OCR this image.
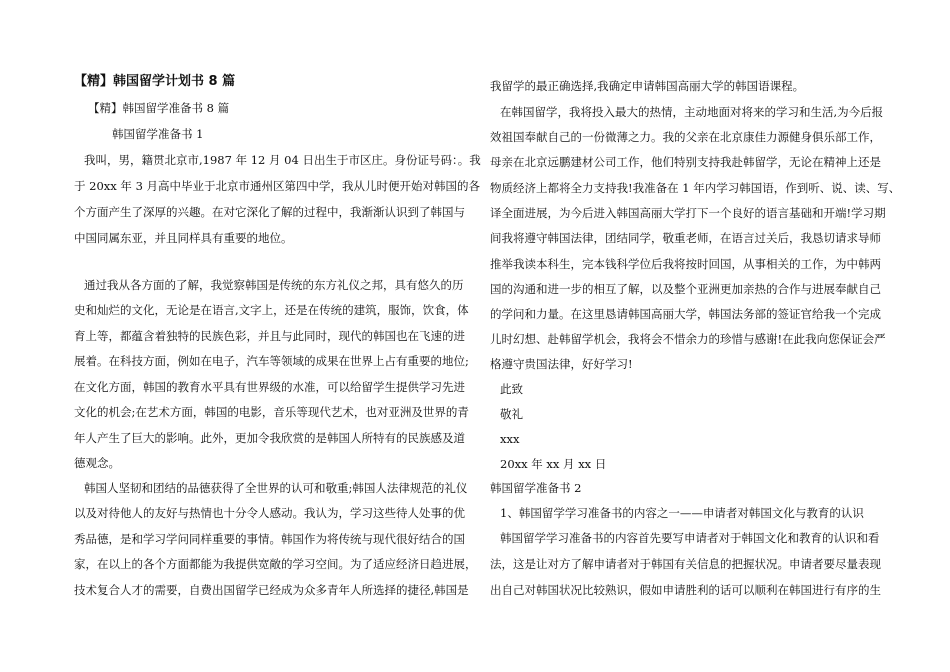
【精】韩国留学计划书 8 篇
【精】韩国留学准备书 8 篇
韩国留学准备书 1
我叫，男，籍贯北京市,1987 年 12 月 04 日出生于市区庄。身份证号码：。我
于 20xx 年 3 月高中毕业于北京市通州区第四中学，我从儿时便开始对韩国的各
个方面产生了深厚的兴趣。在对它深化了解的过程中，我渐渐认识到了韩国与
中国同属东亚，并且同样具有重要的地位。
通过我从各方面的了解，我觉察韩国是传统的东方礼仪之邦，具有悠久的历
史和灿烂的文化，无论是在语言,文字上，还是在传统的建筑，服饰，饮食，体
育上等，都蕴含着独特的民族色彩，并且与此同时，现代的韩国也在飞速的进
展着。在科技方面，例如在电子，汽车等领域的成果在世界上占有重要的地位;
在文化方面，韩国的教育水平具有世界级的水准，可以给留学生提供学习先进
文化的机会;在艺术方面，韩国的电影，音乐等现代艺术，也对亚洲及世界的青
年人产生了巨大的影响。此外，更加令我欣赏的是韩国人所特有的民族感及道
德观念。
韩国人坚韧和团结的品德获得了全世界的认可和敬重;韩国人法律规范的礼仪
以及对待他人的友好与热情也十分令人感动。我认为，学习这些待人处事的优
秀品德，是和学习学问同样重要的事情。韩国作为将传统与现代很好结合的国
家，在以上的各个方面都能为我提供宽敞的学习空间。为了适应经济日趋进展，
技术复合人才的需要，自费出国留学已经成为众多青年人所选择的捷径,韩国是
我留学的最正确选择,我确定申请韩国高丽大学的韩国语课程。
在韩国留学，我将投入最大的热情，主动地面对将来的学习和生活,为今后报
效祖国奉献自己的一份微薄之力。我的父亲在北京康佳力源健身俱乐部工作，
母亲在北京远鹏建材公司工作，他们特别支持我赴韩留学，无论在精神上还是
物质经济上都将全力支持我!我准备在 1 年内学习韩国语，作到听、说、读、写、
译全面进展，为今后进入韩国高丽大学打下一个良好的语言基础和开端!学习期
间我将遵守韩国法律，团结同学，敬重老师，在语言过关后，我恳切请求导师
推举我读本科生，完本钱科学位后我将按时回国，从事相关的工作，为中韩两
国的沟通和进一步的相互了解，以及整个亚洲更加亲热的合作与进展奉献自己
的学问和力量。在这里恳请韩国高丽大学，韩国法务部的签证官给我一个完成
儿时幻想、赴韩留学机会，我将会不惜余力的珍惜与感谢!在此我向您保证会严
格遵守贵国法律，好好学习!
此致
敬礼
xxx
20xx 年 xx 月 xx 日
韩国留学准备书 2
1、韩国留学学习准备书的内容之一——申请者对韩国文化与教育的认识
韩国留学学习准备书的内容首先要写申请者对于韩国文化和教育的认识和看
法，这是让对方了解申请者对于韩国有关信息的把握状况。申请者要尽量表现
出自己对韩国状况比较熟识，假如申请胜利的话可以顺利在韩国进行有序的生
